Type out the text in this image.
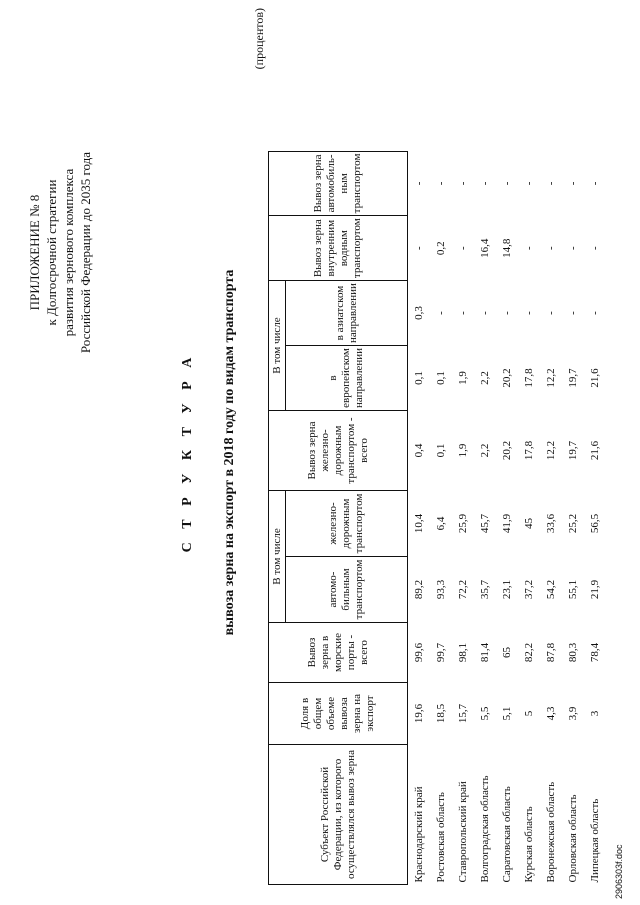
ПРИЛОЖЕНИЕ № 8 к Долгосрочной стратегии развития зернового комплекса Российской Федерации до 2035 года
С Т Р У К Т У Р А вывоза зерна на экспорт в 2018 году по видам транспорта
(процентов)
Субъект Российской Федерации, из которого осуществлялся вывоз зерна	Доля в общем объеме вывоза зерна на экспорт	Вывоз зерна в морские порты - всего	В том числе		Вывоз зерна железно-дорожным транспортом - всего	В том числе		Вывоз зерна внутренним водным транспортом	Вывоз зерна автомобиль-ным транспортом
			автомо-бильным транспортом	железно-дорожным транспортом		в европейском направлении	в азиатском направлении		
Краснодарский край	19,6	99,6	89,2	10,4	0,4	0,1	0,3	-	-
Ростовская область	18,5	99,7	93,3	6,4	0,1	0,1	-	0,2	-
Ставропольский край	15,7	98,1	72,2	25,9	1,9	1,9	-	-	-
Волгоградская область	5,5	81,4	35,7	45,7	2,2	2,2	-	16,4	-
Саратовская область	5,1	65	23,1	41,9	20,2	20,2	-	14,8	-
Курская область	5	82,2	37,2	45	17,8	17,8	-	-	-
Воронежская область	4,3	87,8	54,2	33,6	12,2	12,2	-	-	-
Орловская область	3,9	80,3	55,1	25,2	19,7	19,7	-	-	-
Липецкая область	3	78,4	21,9	56,5	21,6	21,6	-	-	-
2906303f.doc
